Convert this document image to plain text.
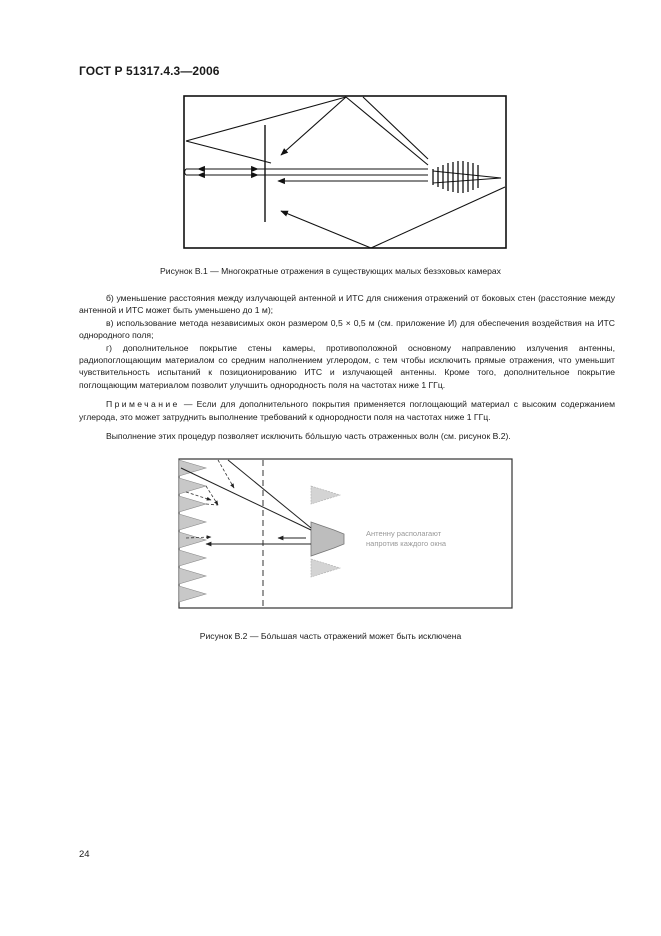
ГОСТ Р 51317.4.3—2006
Рисунок В.1 — Многократные отражения в существующих малых безэховых камерах

б) уменьшение расстояния между излучающей антенной и ИТС для снижения отражений от боковых стен (расстояние между антенной и ИТС может быть уменьшено до 1 м);

в) использование метода независимых окон размером 0,5 × 0,5 м (см. приложение И) для обеспечения воздействия на ИТС однородного поля;

г) дополнительное покрытие стены камеры, противоположной основному направлению излучения антенны, радиопоглощающим материалом со средним наполнением углеродом, с тем чтобы исключить прямые отражения, что уменьшит чувствительность испытаний к позиционированию ИТС и излучающей антенны. Кроме того, дополнительное покрытие поглощающим материалом позволит улучшить однородность поля на частотах ниже 1 ГГц.

Примечание — Если для дополнительного покрытия применяется поглощающий материал с высоким содержанием углерода, это может затруднить выполнение требований к однородности поля на частотах ниже 1 ГГц.

Выполнение этих процедур позволяет исключить бóльшую часть отраженных волн (см. рисунок В.2).

Антенну располагают
напротив каждого окна
Рисунок В.2 — Бóльшая часть отражений может быть исключена
24
